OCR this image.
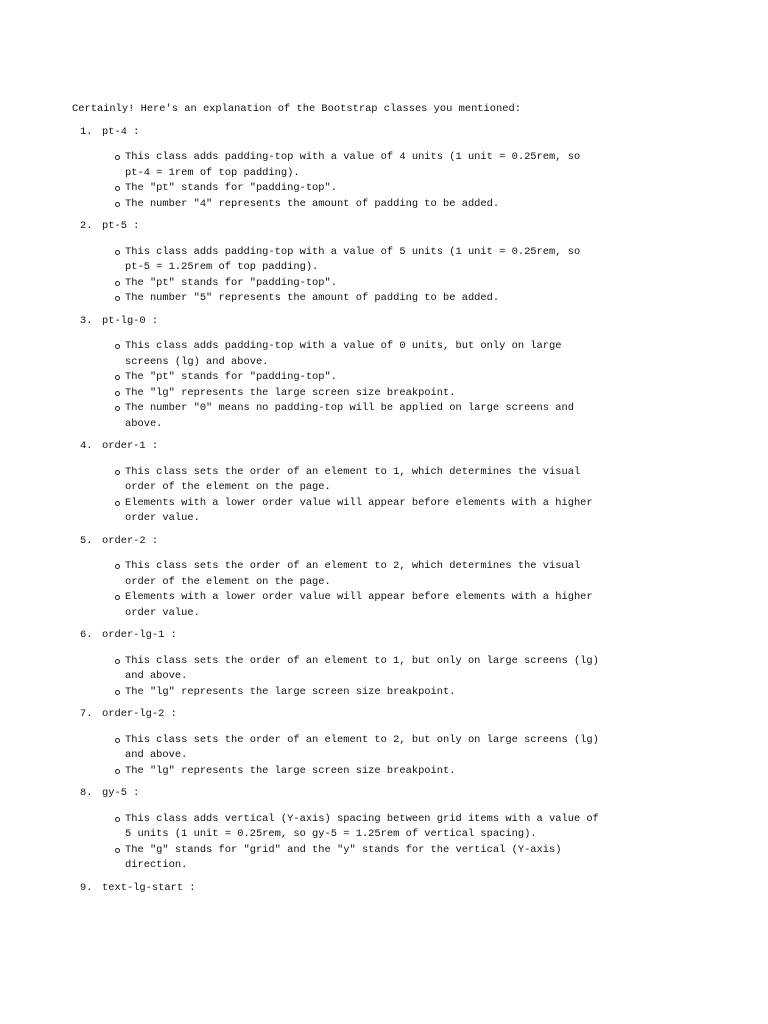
Certainly! Here's an explanation of the Bootstrap classes you mentioned:

1. pt-4 :
This class adds padding-top with a value of 4 units (1 unit = 0.25rem, so pt-4 = 1rem of top padding).
The "pt" stands for "padding-top".
The number "4" represents the amount of padding to be added.
2. pt-5 :
This class adds padding-top with a value of 5 units (1 unit = 0.25rem, so pt-5 = 1.25rem of top padding).
The "pt" stands for "padding-top".
The number "5" represents the amount of padding to be added.
3. pt-lg-0 :
This class adds padding-top with a value of 0 units, but only on large screens (lg) and above.
The "pt" stands for "padding-top".
The "lg" represents the large screen size breakpoint.
The number "0" means no padding-top will be applied on large screens and above.
4. order-1 :
This class sets the order of an element to 1, which determines the visual order of the element on the page.
Elements with a lower order value will appear before elements with a higher order value.
5. order-2 :
This class sets the order of an element to 2, which determines the visual order of the element on the page.
Elements with a lower order value will appear before elements with a higher order value.
6. order-lg-1 :
This class sets the order of an element to 1, but only on large screens (lg) and above.
The "lg" represents the large screen size breakpoint.
7. order-lg-2 :
This class sets the order of an element to 2, but only on large screens (lg) and above.
The "lg" represents the large screen size breakpoint.
8. gy-5 :
This class adds vertical (Y-axis) spacing between grid items with a value of 5 units (1 unit = 0.25rem, so gy-5 = 1.25rem of vertical spacing).
The "g" stands for "grid" and the "y" stands for the vertical (Y-axis) direction.
9. text-lg-start :
